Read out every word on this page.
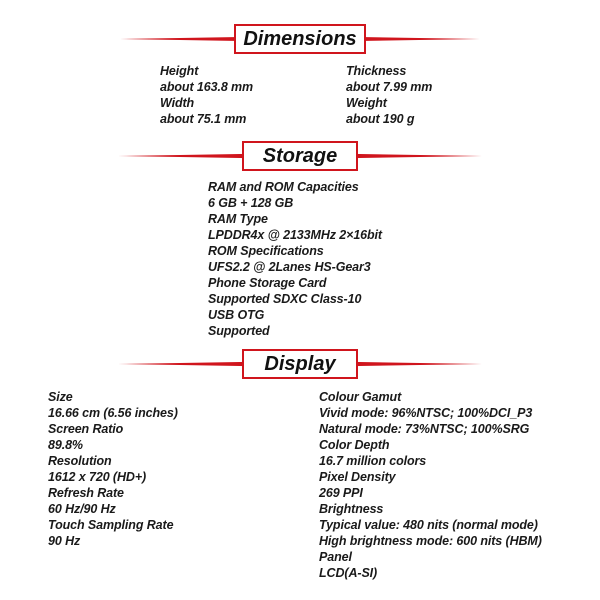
Dimensions
Height
about 163.8 mm
Width
about 75.1 mm
Thickness
about 7.99 mm
Weight
about 190 g
Storage
RAM and ROM Capacities
6 GB + 128 GB
RAM Type
LPDDR4x @ 2133MHz 2×16bit
ROM Specifications
UFS2.2 @ 2Lanes HS-Gear3
Phone Storage Card
Supported SDXC Class-10
USB OTG
Supported
Display
Size
16.66 cm (6.56 inches)
Screen Ratio
89.8%
Resolution
1612 x 720 (HD+)
Refresh Rate
60 Hz/90 Hz
Touch Sampling Rate
90 Hz
Colour Gamut
Vivid mode: 96%NTSC; 100%DCI_P3
Natural mode: 73%NTSC; 100%SRG
Color Depth
16.7 million colors
Pixel Density
269 PPI
Brightness
Typical value: 480 nits (normal mode)
High brightness mode: 600 nits (HBM)
Panel
LCD(A-SI)
